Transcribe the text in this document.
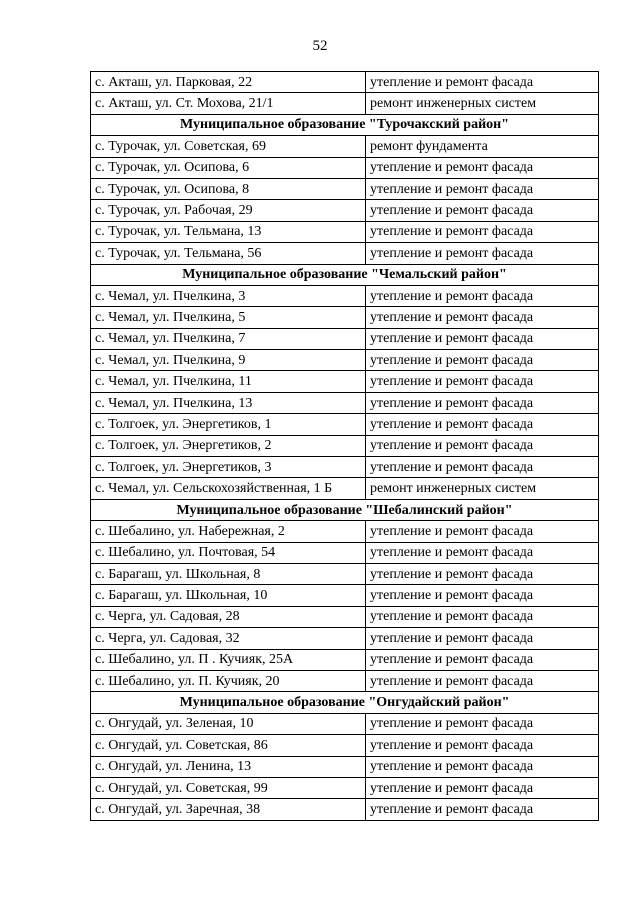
52
с. Акташ, ул. Парковая, 22	утепление и ремонт фасада
с. Акташ, ул. Ст. Мохова, 21/1	ремонт инженерных систем
Муниципальное образование "Турочакский район"	
с. Турочак, ул. Советская, 69	ремонт фундамента
с. Турочак, ул. Осипова, 6	утепление и ремонт фасада
с. Турочак, ул. Осипова, 8	утепление и ремонт фасада
с. Турочак, ул. Рабочая, 29	утепление и ремонт фасада
с. Турочак, ул. Тельмана, 13	утепление и ремонт фасада
с. Турочак, ул. Тельмана, 56	утепление и ремонт фасада
Муниципальное образование "Чемальский район"	
с. Чемал, ул. Пчелкина, 3	утепление и ремонт фасада
с. Чемал, ул. Пчелкина, 5	утепление и ремонт фасада
с. Чемал, ул. Пчелкина, 7	утепление и ремонт фасада
с. Чемал, ул. Пчелкина, 9	утепление и ремонт фасада
с. Чемал, ул. Пчелкина, 11	утепление и ремонт фасада
с. Чемал, ул. Пчелкина, 13	утепление и ремонт фасада
с. Толгоек, ул. Энергетиков, 1	утепление и ремонт фасада
с. Толгоек, ул. Энергетиков, 2	утепление и ремонт фасада
с. Толгоек, ул. Энергетиков, 3	утепление и ремонт фасада
с. Чемал, ул. Сельскохозяйственная, 1 Б	ремонт инженерных систем
Муниципальное образование "Шебалинский район"	
с. Шебалино, ул. Набережная, 2	утепление и ремонт фасада
с. Шебалино, ул. Почтовая, 54	утепление и ремонт фасада
с. Барагаш, ул. Школьная, 8	утепление и ремонт фасада
с. Барагаш, ул. Школьная, 10	утепление и ремонт фасада
с. Черга, ул. Садовая, 28	утепление и ремонт фасада
с. Черга, ул. Садовая, 32	утепление и ремонт фасада
с. Шебалино, ул. П . Кучияк, 25А	утепление и ремонт фасада
с. Шебалино, ул. П. Кучияк, 20	утепление и ремонт фасада
Муниципальное образование "Онгудайский район"	
с. Онгудай, ул. Зеленая, 10	утепление и ремонт фасада
с. Онгудай, ул. Советская, 86	утепление и ремонт фасада
с. Онгудай, ул. Ленина, 13	утепление и ремонт фасада
с. Онгудай, ул. Советская, 99	утепление и ремонт фасада
с. Онгудай, ул. Заречная, 38	утепление и ремонт фасада
